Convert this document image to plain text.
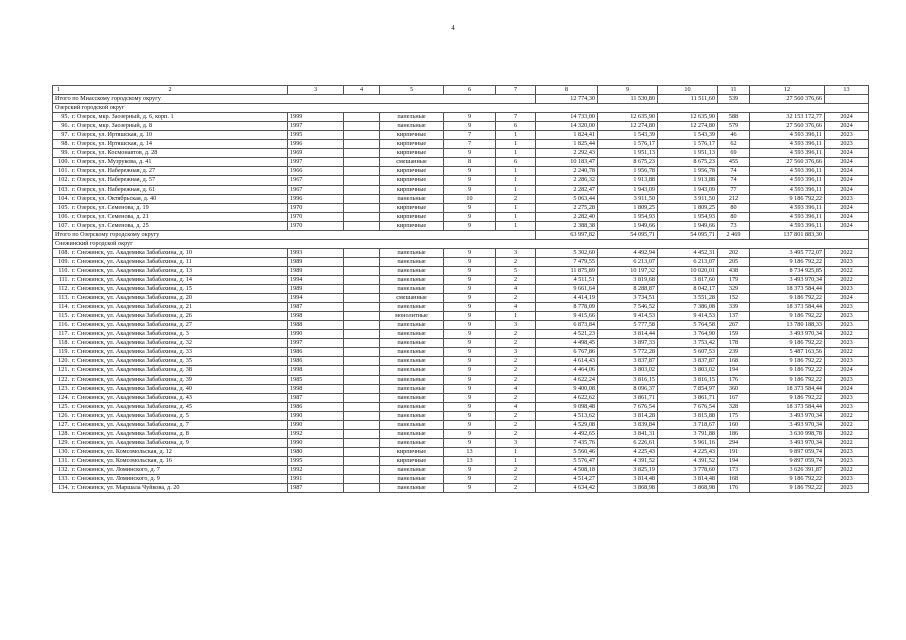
4
1 2	3	4	5	6	7	8	9	10	11	12	13
Итого по Миасскому городскому округу						12 774,30	11 530,80	11 511,60	539	27 560 376,66	
Озерский городской округ											
95. г. Озерск, мкр. Заозерный, д. 6, корп. 1	1999		панельные	9	7	14 733,00	12 635,90	12 635,90	588	32 153 172,77	2024
96. г. Озерск, мкр. Заозерный, д. 8	1997		панельные	9	6	14 320,00	12 274,80	12 274,80	579	27 560 376,66	2024
97. г. Озерск, ул. Иртяшская, д. 10	1995		кирпичные	7	1	1 824,41	1 543,39	1 543,39	46	4 593 396,11	2023
98. г. Озерск, ул. Иртяшская, д. 14	1996		кирпичные	7	1	1 825,44	1 576,17	1 576,17	62	4 593 396,11	2023
99. г. Озерск, ул. Космонавтов, д. 28	1969		кирпичные	9	1	2 292,43	1 951,13	1 951,13	69	4 593 396,11	2024
100. г. Озерск, ул. Музрукова, д. 41	1997		смешанные	8	6	10 183,47	8 675,23	8 675,23	455	27 560 376,66	2024
101. г. Озерск, ул. Набережная, д. 27	1966		кирпичные	9	1	2 240,78	1 956,78	1 956,78	74	4 593 396,11	2024
102. г. Озерск, ул. Набережная, д. 57	1967		кирпичные	9	1	2 286,32	1 913,88	1 913,88	74	4 593 396,11	2024
103. г. Озерск, ул. Набережная, д. 61	1967		кирпичные	9	1	2 282,47	1 943,09	1 943,09	77	4 593 396,11	2024
104. г. Озерск, ул. Октябрьская, д. 40	1996		панельные	10	2	5 063,44	3 911,50	3 911,50	212	9 186 792,22	2023
105. г. Озерск, ул. Семенова, д. 19	1970		кирпичные	9	1	2 275,28	1 809,25	1 809,25	80	4 593 396,11	2024
106. г. Озерск, ул. Семенова, д. 21	1970		кирпичные	9	1	2 282,40	1 954,93	1 954,93	80	4 593 396,11	2024
107. г. Озерск, ул. Семенова, д. 25	1970		кирпичные	9	1	2 388,38	1 949,66	1 949,66	73	4 593 396,11	2024
Итого по Озерскому городскому округу						63 997,82	54 095,71	54 095,71	2 469	137 801 883,30	
Снежинский городской округ											
108. г. Снежинск, ул. Академика Забабахина, д. 10	1993		панельные	9	3	5 302,60	4 492,94	4 452,31	202	3 495 772,07	2022
109. г. Снежинск, ул. Академика Забабахина, д. 11	1989		панельные	9	2	7 479,55	6 213,07	6 213,07	205	9 186 792,22	2023
110. г. Снежинск, ул. Академика Забабахина, д. 13	1989		панельные	9	5	11 875,89	10 197,32	10 020,01	438	8 734 925,85	2022
111. г. Снежинск, ул. Академика Забабахина, д. 14	1994		панельные	9	2	4 511,51	3 819,68	3 817,60	179	3 493 970,34	2022
112. г. Снежинск, ул. Академика Забабахина, д. 15	1989		панельные	9	4	9 661,64	8 288,87	8 042,17	329	18 373 584,44	2023
113. г. Снежинск, ул. Академика Забабахина, д. 20	1994		смешанные	9	2	4 414,19	3 734,51	3 551,28	152	9 186 792,22	2024
114. г. Снежинск, ул. Академика Забабахина, д. 21	1987		панельные	9	4	8 778,09	7 546,52	7 386,08	339	18 373 584,44	2023
115. г. Снежинск, ул. Академика Забабахина, д. 26	1998		монолитные	9	1	9 415,66	9 414,53	9 414,53	137	9 186 792,22	2023
116. г. Снежинск, ул. Академика Забабахина, д. 27	1988		панельные	9	3	6 873,84	5 777,58	5 764,58	267	13 780 188,33	2023
117. г. Снежинск, ул. Академика Забабахина, д. 3	1990		панельные	9	2	4 521,23	3 814,44	3 764,90	159	3 493 970,34	2022
118. г. Снежинск, ул. Академика Забабахина, д. 32	1997		панельные	9	2	4 498,45	3 897,33	3 753,42	178	9 186 792,22	2023
119. г. Снежинск, ул. Академика Забабахина, д. 33	1986		панельные	9	3	6 767,86	5 772,28	5 607,53	239	5 487 163,56	2022
120. г. Снежинск, ул. Академика Забабахина, д. 35	1986		панельные	9	2	4 614,43	3 837,87	3 837,87	168	9 186 792,22	2023
121. г. Снежинск, ул. Академика Забабахина, д. 38	1998		панельные	9	2	4 464,06	3 803,02	3 803,02	194	9 186 792,22	2024
122. г. Снежинск, ул. Академика Забабахина, д. 39	1985		панельные	9	2	4 622,24	3 816,15	3 816,15	176	9 186 792,22	2023
123. г. Снежинск, ул. Академика Забабахина, д. 40	1998		панельные	9	4	9 400,08	8 096,37	7 854,97	360	18 373 584,44	2024
124. г. Снежинск, ул. Академика Забабахина, д. 43	1987		панельные	9	2	4 622,62	3 861,71	3 861,71	167	9 186 792,22	2023
125. г. Снежинск, ул. Академика Забабахина, д. 45	1986		панельные	9	4	9 098,48	7 676,54	7 676,54	328	18 373 584,44	2023
126. г. Снежинск, ул. Академика Забабахина, д. 5	1990		панельные	9	2	4 513,62	3 814,28	3 815,88	175	3 493 970,34	2022
127. г. Снежинск, ул. Академика Забабахина, д. 7	1990		панельные	9	2	4 529,08	3 839,84	3 718,67	160	3 493 970,34	2022
128. г. Снежинск, ул. Академика Забабахина, д. 8	1992		панельные	9	2	4 492,65	3 841,31	3 791,88	186	3 630 998,78	2022
129. г. Снежинск, ул. Академика Забабахина, д. 9	1990		панельные	9	3	7 435,76	6 226,61	5 961,16	294	3 493 970,34	2022
130. г. Снежинск, ул. Комсомольская, д. 12	1980		кирпичные	13	1	5 560,46	4 225,43	4 225,43	191	9 897 059,74	2023
131. г. Снежинск, ул. Комсомольская, д. 16	1995		кирпичные	13	1	5 576,47	4 391,52	4 391,52	194	9 897 059,74	2023
132. г. Снежинск, ул. Ломинского, д. 7	1992		панельные	9	2	4 508,18	3 825,19	3 778,60	173	3 626 391,87	2022
133. г. Снежинск, ул. Ломинского, д. 9	1991		панельные	9	2	4 514,27	3 814,48	3 814,48	168	9 186 792,22	2023
134. г. Снежинск, ул. Маршала Чуйкова, д. 20	1987		панельные	9	2	4 634,42	3 868,98	3 868,98	176	9 186 792,22	2023
